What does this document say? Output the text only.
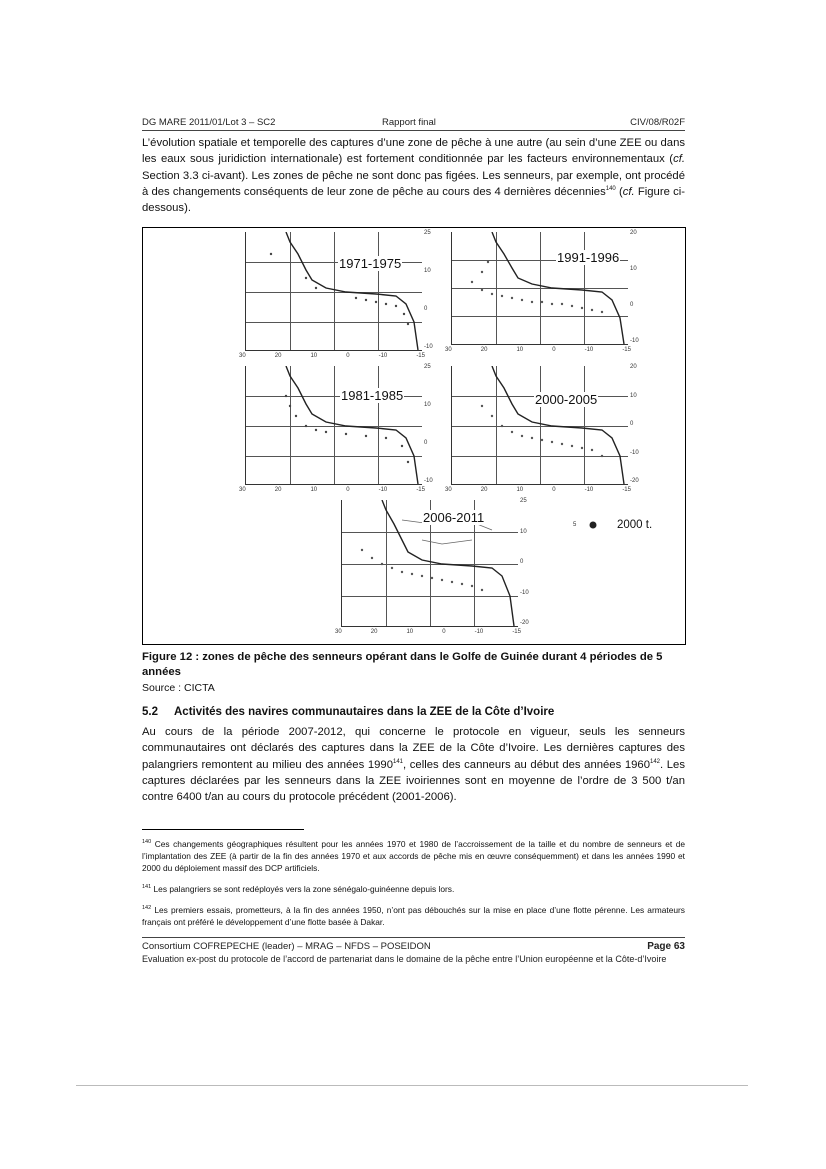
DG MARE 2011/01/Lot 3 – SC2	Rapport final	CIV/08/R02F
L’évolution spatiale et temporelle des captures d’une zone de pêche à une autre (au sein d’une ZEE ou dans les eaux sous juridiction internationale) est fortement conditionnée par les facteurs environnementaux (cf. Section 3.3 ci-avant). Les zones de pêche ne sont donc pas figées. Les senneurs, par exemple, ont procédé à des changements conséquents de leur zone de pêche au cours des 4 dernières décennies$^{140}$ (cf. Figure ci-dessous).
1971-1975	1991-1996
1981-1985	2000-2005
2006-2011	5	2000 t.
30	20	10	0	-10	-15
30	20	10	0	-10	-15
30	20	10	0	-10	-15	30	20	10	0	-10	-15
30	20	10	0	-10	-15
25
10
0
-10
20
10
0
-10
25
10
0
-10
20
10
0
-10
-20
25
10
0
-10
-20
Figure 12 : zones de pêche des senneurs opérant dans le Golfe de Guinée durant 4 périodes de 5 années
Source : CICTA
5.2 Activités des navires communautaires dans la ZEE de la Côte d’Ivoire
Au cours de la période 2007-2012, qui concerne le protocole en vigueur, seuls les senneurs communautaires ont déclarés des captures dans la ZEE de la Côte d’Ivoire. Les dernières captures des palangriers remontent au milieu des années 1990$^{141}$, celles des canneurs au début des années 1960$^{142}$. Les captures déclarées par les senneurs dans la ZEE ivoiriennes sont en moyenne de l’ordre de 3 500 t/an contre 6400 t/an au cours du protocole précédent (2001-2006).
$^{140}$ Ces changements géographiques résultent pour les années 1970 et 1980 de l’accroissement de la taille et du nombre de senneurs et de l’implantation des ZEE (à partir de la fin des années 1970 et aux accords de pêche mis en œuvre conséquemment) et dans les années 1990 et 2000 du déploiement massif des DCP artificiels.
$^{141}$ Les palangriers se sont redéployés vers la zone sénégalo-guinéenne depuis lors.
$^{142}$ Les premiers essais, prometteurs, à la fin des années 1950, n’ont pas débouchés sur la mise en place d’une flotte pérenne. Les armateurs français ont préféré le développement d’une flotte basée à Dakar.
Consortium COFREPECHE (leader) – MRAG – NFDS – POSEIDON	Page 63
Evaluation ex-post du protocole de l’accord de partenariat dans le domaine de la pêche entre l’Union européenne et la Côte-d’Ivoire
